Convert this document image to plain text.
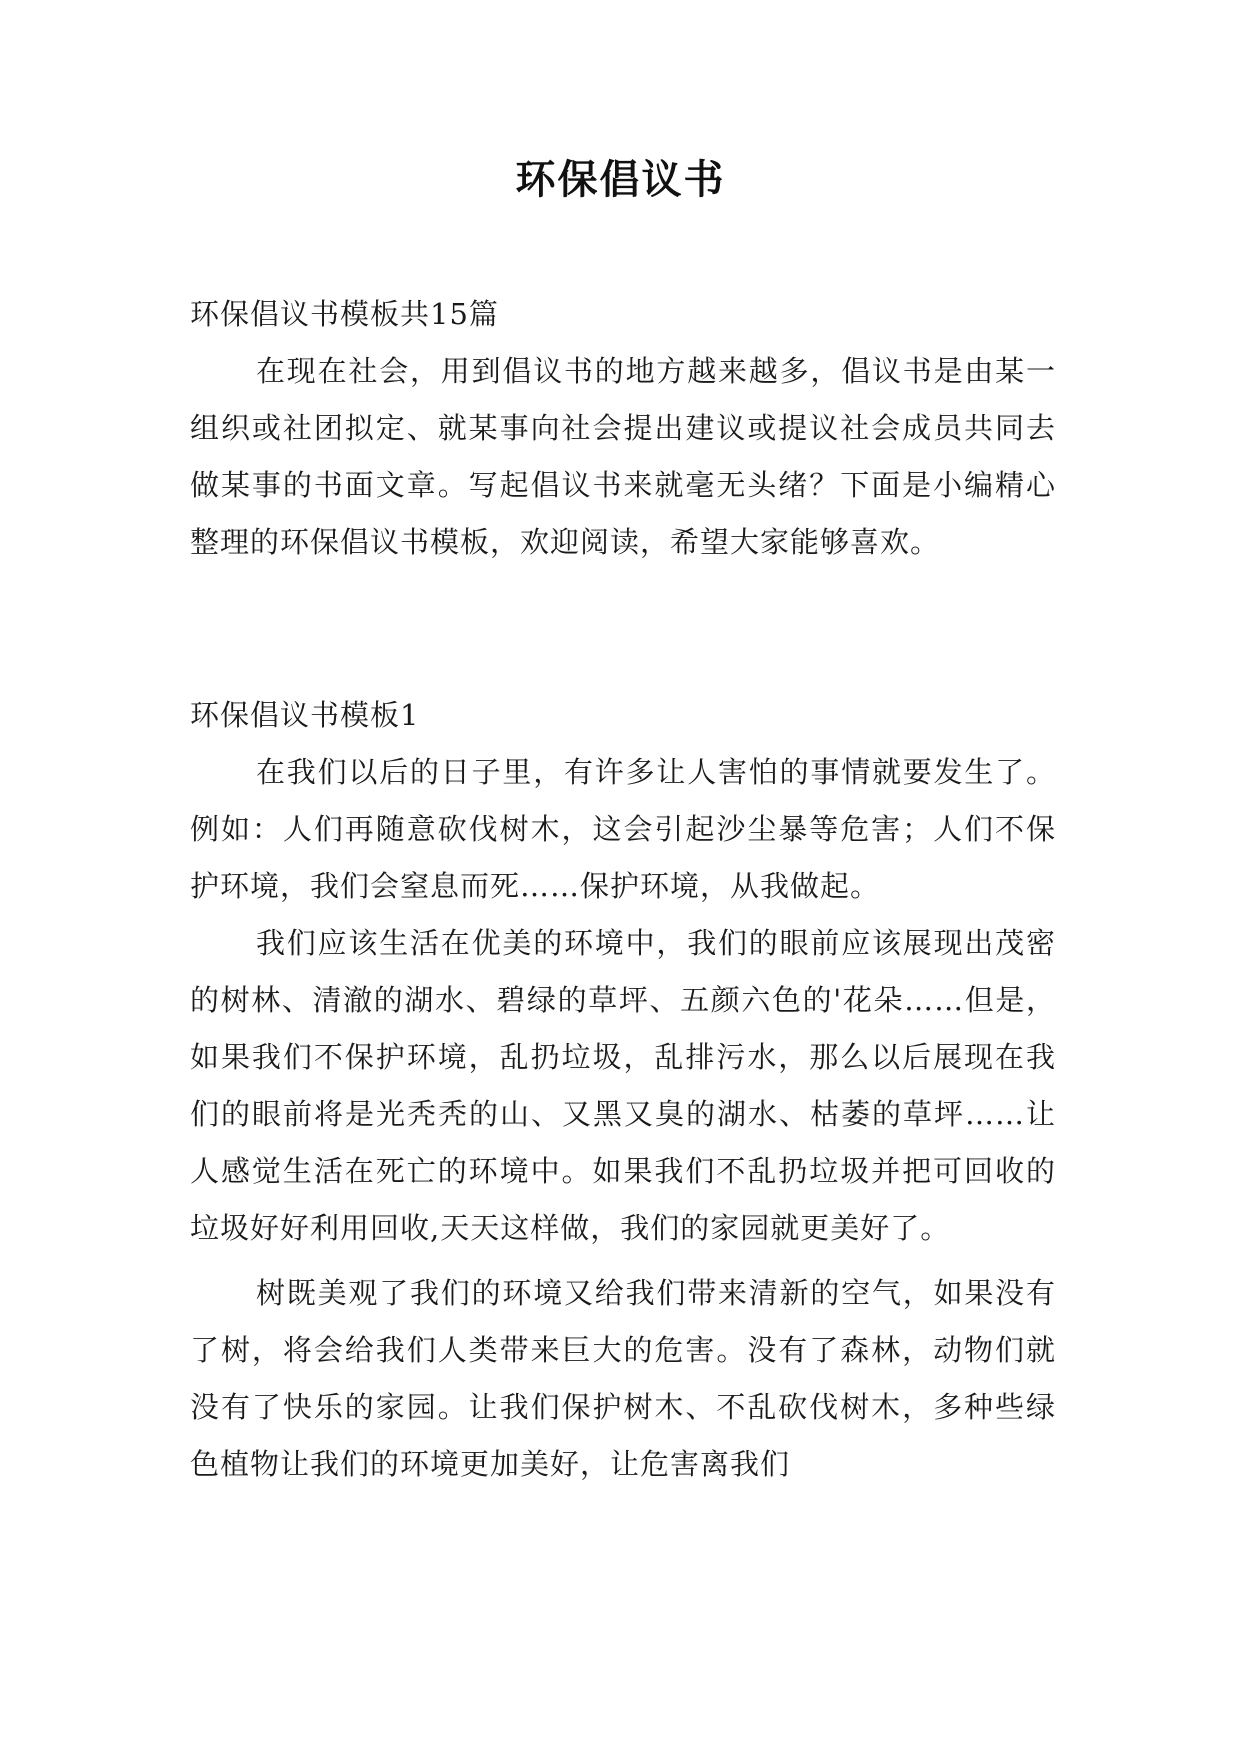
环保倡议书

环保倡议书模板共15篇

在现在社会，用到倡议书的地方越来越多，倡议书是由某一组织或社团拟定、就某事向社会提出建议或提议社会成员共同去做某事的书面文章。写起倡议书来就毫无头绪？下面是小编精心整理的环保倡议书模板，欢迎阅读，希望大家能够喜欢。

环保倡议书模板1

在我们以后的日子里，有许多让人害怕的事情就要发生了。例如：人们再随意砍伐树木，这会引起沙尘暴等危害；人们不保护环境，我们会窒息而死……保护环境，从我做起。

我们应该生活在优美的环境中，我们的眼前应该展现出茂密的树林、清澈的湖水、碧绿的草坪、五颜六色的'花朵……但是，如果我们不保护环境，乱扔垃圾，乱排污水，那么以后展现在我们的眼前将是光秃秃的山、又黑又臭的湖水、枯萎的草坪……让人感觉生活在死亡的环境中。如果我们不乱扔垃圾并把可回收的垃圾好好利用回收,天天这样做，我们的家园就更美好了。

树既美观了我们的环境又给我们带来清新的空气，如果没有了树，将会给我们人类带来巨大的危害。没有了森林，动物们就没有了快乐的家园。让我们保护树木、不乱砍伐树木，多种些绿色植物让我们的环境更加美好，让危害离我们
